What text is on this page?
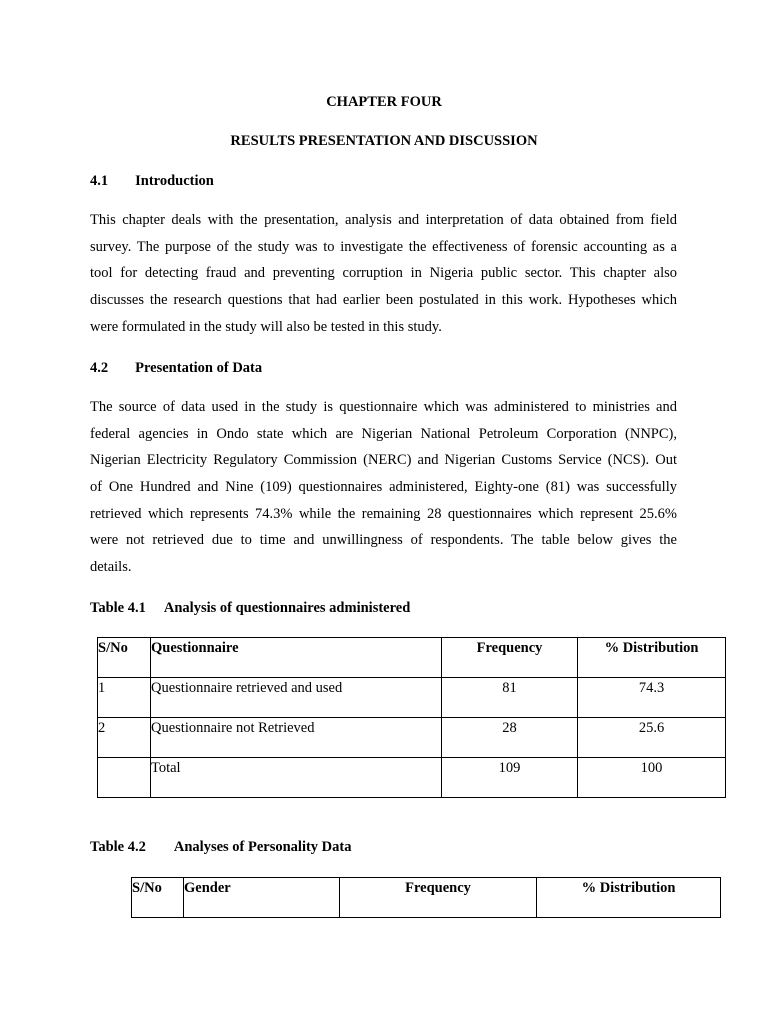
CHAPTER FOUR
RESULTS PRESENTATION AND DISCUSSION
4.1 Introduction
This chapter deals with the presentation, analysis and interpretation of data obtained from field
survey. The purpose of the study was to investigate the effectiveness of forensic accounting as a
tool for detecting fraud and preventing corruption in Nigeria public sector. This chapter also
discusses the research questions that had earlier been postulated in this work. Hypotheses which
were formulated in the study will also be tested in this study.
4.2 Presentation of Data
The source of data used in the study is questionnaire which was administered to ministries and
federal agencies in Ondo state which are Nigerian National Petroleum Corporation (NNPC),
Nigerian Electricity Regulatory Commission (NERC) and Nigerian Customs Service (NCS). Out
of One Hundred and Nine (109) questionnaires administered, Eighty-one (81) was successfully
retrieved which represents 74.3% while the remaining 28 questionnaires which represent 25.6%
were not retrieved due to time and unwillingness of respondents. The table below gives the
details.
Table 4.1 Analysis of questionnaires administered
S/No	Questionnaire	Frequency	% Distribution
1	Questionnaire retrieved and used	81	74.3
2	Questionnaire not Retrieved	28	25.6
	Total	109	100
Table 4.2 Analyses of Personality Data
S/No	Gender	Frequency	% Distribution
